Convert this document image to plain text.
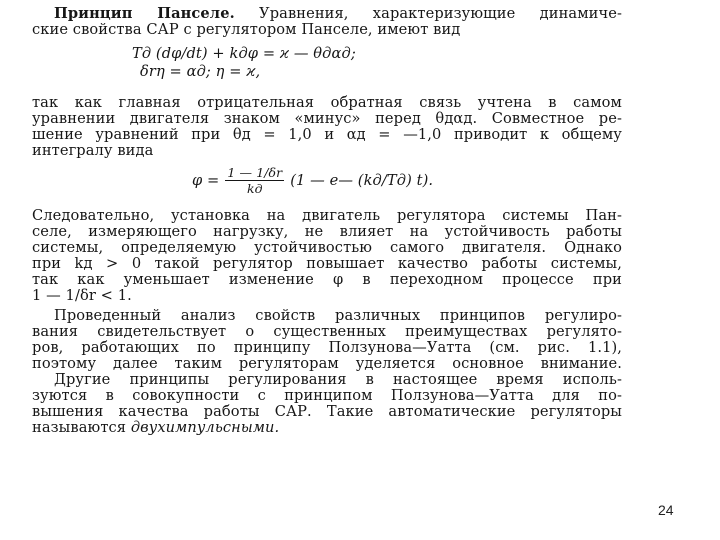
Принцип Панселе. Уравнения, характеризующие динамиче-
ские свойства САР с регулятором Панселе, имеют вид
Tд (dφ/dt) + kдφ = ϰ — θдαд;
δrη = αд; η = ϰ,
так как главная отрицательная обратная связь учтена в самом
уравнении двигателя знаком «минус» перед θдαд. Совместное ре-
шение уравнений при θд = 1,0 и αд = —1,0 приводит к общему
интегралу вида
$\varphi = \frac{1 — 1/\delta r}{kд} (1$ — e— (kд/Tд) t).
Следовательно, установка на двигатель регулятора системы Пан-
селе, измеряющего нагрузку, не влияет на устойчивость работы
системы, определяемую устойчивостью самого двигателя. Однако
при kд > 0 такой регулятор повышает качество работы системы,
так как уменьшает изменение φ в переходном процессе при
1 — 1/δr < 1.
Проведенный анализ свойств различных принципов регулиро-
вания свидетельствует о существенных преимуществах регулято-
ров, работающих по принципу Ползунова—Уатта (см. рис. 1.1),
поэтому далее таким регуляторам уделяется основное внимание.
Другие принципы регулирования в настоящее время исполь-
зуются в совокупности с принципом Ползунова—Уатта для по-
вышения качества работы САР. Такие автоматические регуляторы
называются двухимпульсными.
24
